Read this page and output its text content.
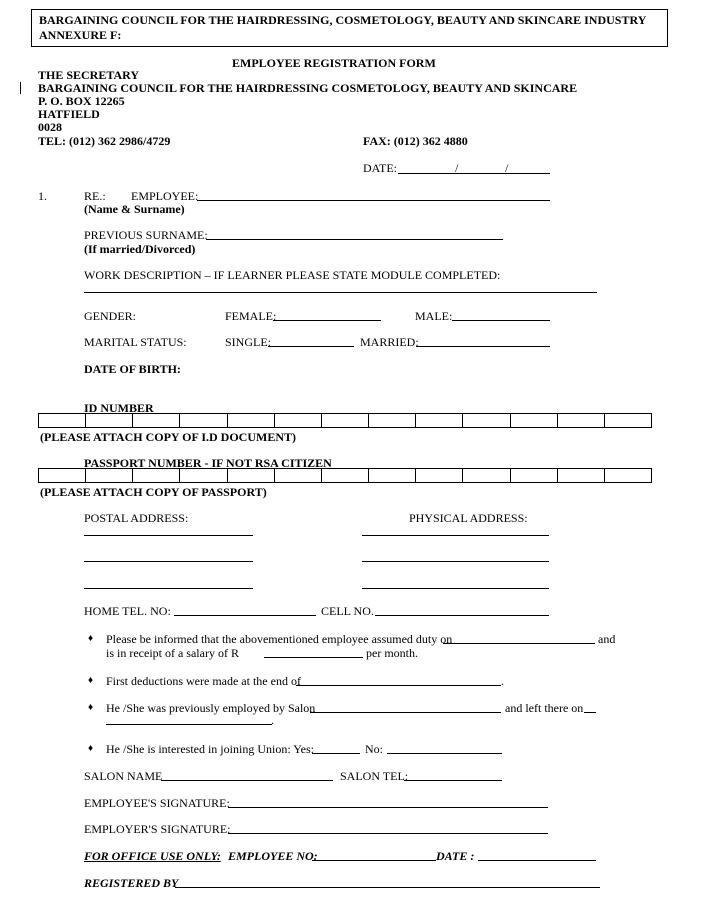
BARGAINING COUNCIL FOR THE HAIRDRESSING, COSMETOLOGY, BEAUTY AND SKINCARE INDUSTRY
ANNEXURE F:
EMPLOYEE REGISTRATION FORM
THE SECRETARY
BARGAINING COUNCIL FOR THE HAIRDRESSING COSMETOLOGY, BEAUTY AND SKINCARE
P. O. BOX 12265
HATFIELD
0028
TEL: (012) 362 2986/4729	FAX: (012) 362 4880
DATE:	/	/
1.	RE.: EMPLOYEE:
(Name & Surname)
PREVIOUS SURNAME:
(If married/Divorced)
WORK DESCRIPTION – IF LEARNER PLEASE STATE MODULE COMPLETED:
GENDER:	FEMALE:	MALE:
MARITAL STATUS:	SINGLE:	MARRIED:
DATE OF BIRTH:
ID NUMBER
(PLEASE ATTACH COPY OF I.D DOCUMENT)
PASSPORT NUMBER - IF NOT RSA CITIZEN
(PLEASE ATTACH COPY OF PASSPORT)
POSTAL ADDRESS:	PHYSICAL ADDRESS:
HOME TEL. NO:	CELL NO.
♦ Please be informed that the abovementioned employee assumed duty on	and
is in receipt of a salary of R	per month.
♦ First deductions were made at the end of	.
♦ He /She was previously employed by Salon	and left there on
.
♦ He /She is interested in joining Union: Yes:	No:
SALON NAME	SALON TEL:
EMPLOYEE'S SIGNATURE:
EMPLOYER'S SIGNATURE:
FOR OFFICE USE ONLY: EMPLOYEE NO:	DATE :
REGISTERED BY
